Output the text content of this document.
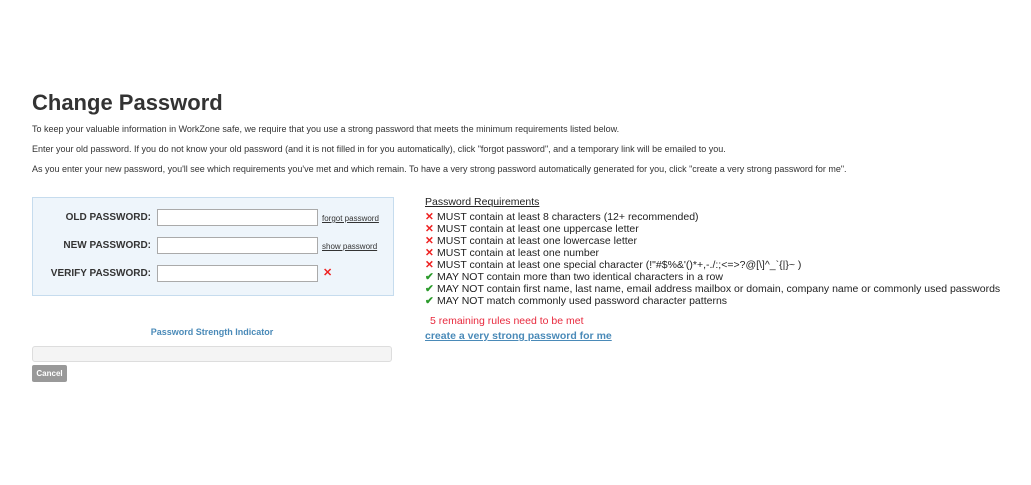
Change Password
To keep your valuable information in WorkZone safe, we require that you use a strong password that meets the minimum requirements listed below.
Enter your old password. If you do not know your old password (and it is not filled in for you automatically), click "forgot password", and a temporary link will be emailed to you.
As you enter your new password, you'll see which requirements you've met and which remain. To have a very strong password automatically generated for you, click "create a very strong password for me".
OLD PASSWORD:	forgot password
NEW PASSWORD:	show password
VERIFY PASSWORD:	✕
Password Strength Indicator
Cancel
Password Requirements
✕ MUST contain at least 8 characters (12+ recommended)
✕ MUST contain at least one uppercase letter
✕ MUST contain at least one lowercase letter
✕ MUST contain at least one number
✕ MUST contain at least one special character (!"#$%&'()*+,-./:;<=>?@[\]^_`{|}~ )
✔ MAY NOT contain more than two identical characters in a row
✔ MAY NOT contain first name, last name, email address mailbox or domain, company name or commonly used passwords
✔ MAY NOT match commonly used password character patterns
5 remaining rules need to be met
create a very strong password for me
